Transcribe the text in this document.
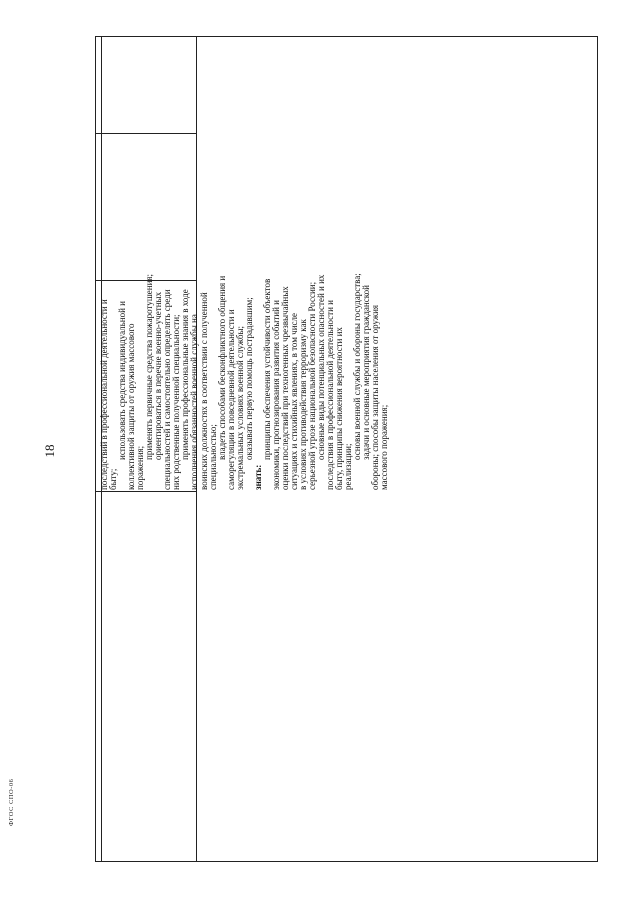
18
ФГОС СПО-06
последствий в профессиональной деятельности и быту;
использовать средства индивидуальной и коллективной защиты от оружия массового поражения;
применять первичные средства пожаротушения; ориентироваться в перечне военно-учетных специальностей и самостоятельно определять среди них родственные полученной специальности; применять профессиональные знания в ходе исполнения обязанностей военной службы на воинских должностях в соответствии с полученной специальностью; владеть способами бесконфликтного общения и саморегуляции в повседневной деятельности и экстремальных условиях военной службы; оказывать первую помощь пострадавшим;
знать:
принципы обеспечения устойчивости объектов экономики, прогнозирования развития событий и оценки последствий при техногенных чрезвычайных ситуациях и стихийных явлениях, в том числе в условиях противодействия терроризму как серьезной угрозе национальной безопасности России; основные виды потенциальных опасностей и их последствия в профессиональной деятельности и быту, принципы снижения вероятности их реализации;
основы военной службы и обороны государства; задачи и основные мероприятия гражданской обороны; способы защиты населения от оружия массового поражения;
